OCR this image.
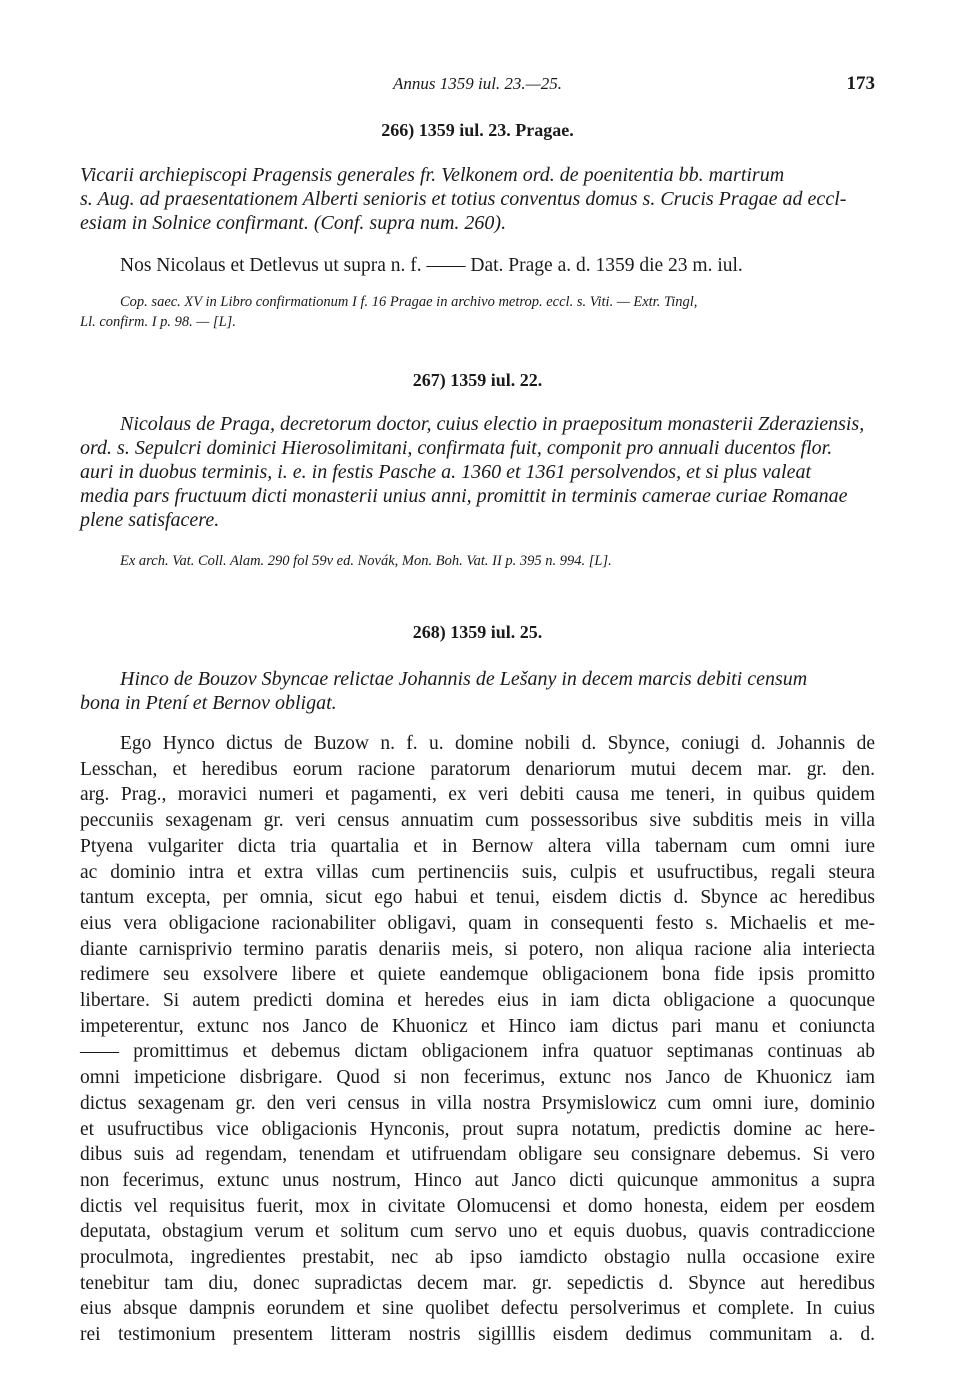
Annus 1359 iul. 23.—25.	173
266) 1359 iul. 23. Pragae.
Vicarii archiepiscopi Pragensis generales fr. Velkonem ord. de poenitentia bb. martirum
s. Aug. ad praesentationem Alberti senioris et totius conventus domus s. Crucis Pragae ad eccl-
esiam in Solnice confirmant. (Conf. supra num. 260).
Nos Nicolaus et Detlevus ut supra n. f. —— Dat. Prage a. d. 1359 die 23 m. iul.
Cop. saec. XV in Libro confirmationum I f. 16 Pragae in archivo metrop. eccl. s. Viti. — Extr. Tingl,
Ll. confirm. I p. 98. — [L].
267) 1359 iul. 22.
Nicolaus de Praga, decretorum doctor, cuius electio in praepositum monasterii Zderaziensis,
ord. s. Sepulcri dominici Hierosolimitani, confirmata fuit, componit pro annuali ducentos flor.
auri in duobus terminis, i. e. in festis Pasche a. 1360 et 1361 persolvendos, et si plus valeat
media pars fructuum dicti monasterii unius anni, promittit in terminis camerae curiae Romanae
plene satisfacere.
Ex arch. Vat. Coll. Alam. 290 fol 59v ed. Novák, Mon. Boh. Vat. II p. 395 n. 994. [L].
268) 1359 iul. 25.
Hinco de Bouzov Sbyncae relictae Johannis de Lešany in decem marcis debiti censum
bona in Ptení et Bernov obligat.
Ego Hynco dictus de Buzow n. f. u. domine nobili d. Sbynce, coniugi d. Johannis de
Lesschan, et heredibus eorum racione paratorum denariorum mutui decem mar. gr. den.
arg. Prag., moravici numeri et pagamenti, ex veri debiti causa me teneri, in quibus quidem
peccuniis sexagenam gr. veri census annuatim cum possessoribus sive subditis meis in villa
Ptyena vulgariter dicta tria quartalia et in Bernow altera villa tabernam cum omni iure
ac dominio intra et extra villas cum pertinenciis suis, culpis et usufructibus, regali steura
tantum excepta, per omnia, sicut ego habui et tenui, eisdem dictis d. Sbynce ac heredibus
eius vera obligacione racionabiliter obligavi, quam in consequenti festo s. Michaelis et me-
diante carnisprivio termino paratis denariis meis, si potero, non aliqua racione alia interiecta
redimere seu exsolvere libere et quiete eandemque obligacionem bona fide ipsis promitto
libertare. Si autem predicti domina et heredes eius in iam dicta obligacione a quocunque
impeterentur, extunc nos Janco de Khuonicz et Hinco iam dictus pari manu et coniuncta
—— promittimus et debemus dictam obligacionem infra quatuor septimanas continuas ab
omni impeticione disbrigare. Quod si non fecerimus, extunc nos Janco de Khuonicz iam
dictus sexagenam gr. den veri census in villa nostra Prsymislowicz cum omni iure, dominio
et usufructibus vice obligacionis Hynconis, prout supra notatum, predictis domine ac here-
dibus suis ad regendam, tenendam et utifruendam obligare seu consignare debemus. Si vero
non fecerimus, extunc unus nostrum, Hinco aut Janco dicti quicunque ammonitus a supra
dictis vel requisitus fuerit, mox in civitate Olomucensi et domo honesta, eidem per eosdem
deputata, obstagium verum et solitum cum servo uno et equis duobus, quavis contradiccione
proculmota, ingredientes prestabit, nec ab ipso iamdicto obstagio nulla occasione exire
tenebitur tam diu, donec supradictas decem mar. gr. sepedictis d. Sbynce aut heredibus
eius absque dampnis eorundem et sine quolibet defectu persolverimus et complete. In cuius
rei testimonium presentem litteram nostris sigilllis eisdem dedimus communitam a. d.
